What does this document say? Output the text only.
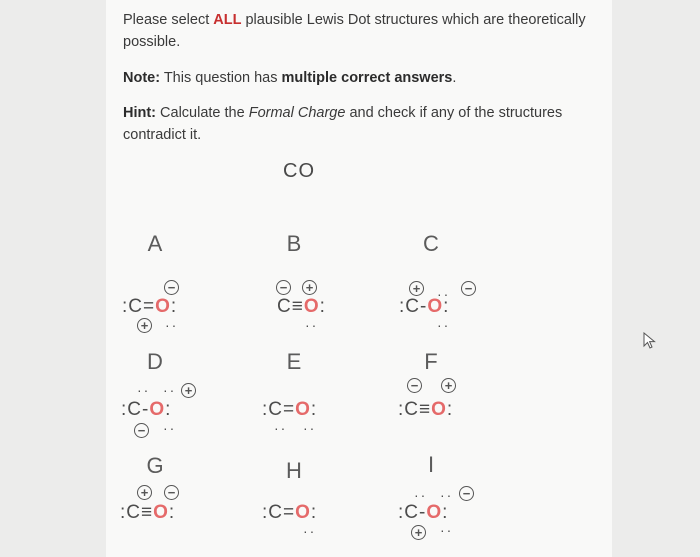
Please select ALL plausible Lewis Dot structures which are theoretically
possible.
Note: This question has multiple correct answers.
Hint: Calculate the Formal Charge and check if any of the structures
contradict it.
CO
A	B	C
−
:C=O:
+ ··
− +
C≡O:
··
+ ·· −
:C-O:
··
D	E	F
·· ·· +
:C-O:
− ··
:C=O:
·· ··
− +
:C≡O:
G	H	I
+ −
:C≡O:	:C=O:
··
·· ·· −
:C-O:
+ ··
